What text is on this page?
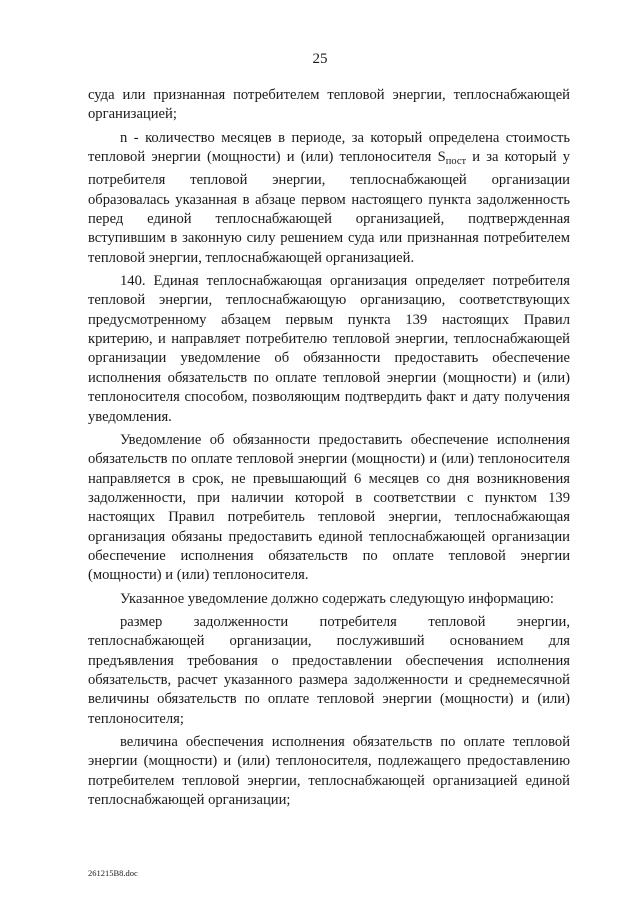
25

суда или признанная потребителем тепловой энергии, теплоснабжающей организацией;

n - количество месяцев в периоде, за который определена стоимость тепловой энергии (мощности) и (или) теплоносителя $S_{пост}$ и за который у потребителя тепловой энергии, теплоснабжающей организации образовалась указанная в абзаце первом настоящего пункта задолженность перед единой теплоснабжающей организацией, подтвержденная вступившим в законную силу решением суда или признанная потребителем тепловой энергии, теплоснабжающей организацией.

140. Единая теплоснабжающая организация определяет потребителя тепловой энергии, теплоснабжающую организацию, соответствующих предусмотренному абзацем первым пункта 139 настоящих Правил критерию, и направляет потребителю тепловой энергии, теплоснабжающей организации уведомление об обязанности предоставить обеспечение исполнения обязательств по оплате тепловой энергии (мощности) и (или) теплоносителя способом, позволяющим подтвердить факт и дату получения уведомления.

Уведомление об обязанности предоставить обеспечение исполнения обязательств по оплате тепловой энергии (мощности) и (или) теплоносителя направляется в срок, не превышающий 6 месяцев со дня возникновения задолженности, при наличии которой в соответствии с пунктом 139 настоящих Правил потребитель тепловой энергии, теплоснабжающая организация обязаны предоставить единой теплоснабжающей организации обеспечение исполнения обязательств по оплате тепловой энергии (мощности) и (или) теплоносителя.

Указанное уведомление должно содержать следующую информацию:

размер задолженности потребителя тепловой энергии, теплоснабжающей организации, послуживший основанием для предъявления требования о предоставлении обеспечения исполнения обязательств, расчет указанного размера задолженности и среднемесячной величины обязательств по оплате тепловой энергии (мощности) и (или) теплоносителя;

величина обеспечения исполнения обязательств по оплате тепловой энергии (мощности) и (или) теплоносителя, подлежащего предоставлению потребителем тепловой энергии, теплоснабжающей организацией единой теплоснабжающей организации;

261215B8.doc
